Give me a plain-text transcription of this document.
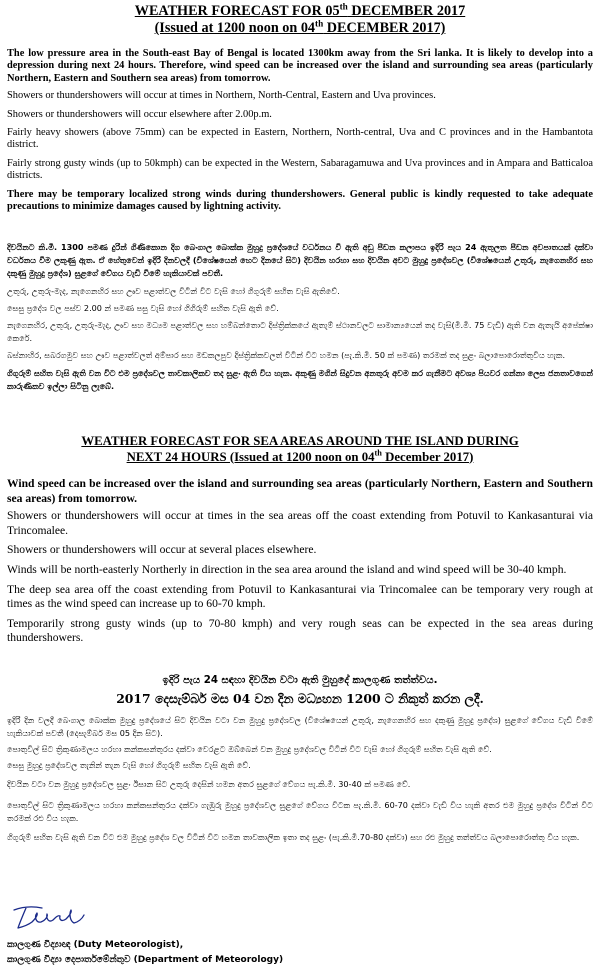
WEATHER FORECAST FOR 05th DECEMBER 2017

(Issued at 1200 noon on 04th DECEMBER 2017)

The low pressure area in the South-east Bay of Bengal is located 1300km away from the Sri lanka. It is likely to develop into a depression during next 24 hours. Therefore, wind speed can be increased over the island and surrounding sea areas (particularly Northern, Eastern and Southern sea areas) from tomorrow.

Showers or thundershowers will occur at times in Northern, North-Central, Eastern and Uva provinces.

Showers or thundershowers will occur elsewhere after 2.00p.m.

Fairly heavy showers (above 75mm) can be expected in Eastern, Northern, North-central, Uva and C provinces and in the Hambantota district.

Fairly strong gusty winds (up to 50kmph) can be expected in the Western, Sabaragamuwa and Uva provinces and in Ampara and Batticaloa districts.

There may be temporary localized strong winds during thundershowers. General public is kindly requested to take adequate precautions to minimize damages caused by lightning activity.

දිවයිනට කි.මී. 1300 පමණ දුරින් ගිණිකොන දිග බෙංගාල බොක්ක මුහුදු ප්‍රදේශයේ වර්ධනය වී ඇති අඩු පීඩන කලාපය ඉදිරි පැය 24 ඇතුලත පීඩන අවපාතයක් දක්වා වර්ධනය වීම ලකුණු ඇත. ඒ හේතුවෙන් ඉදිරි දිනවලදී (විශේෂයෙන් හෙට දිනයේ සිට) දිවයින හරහා සහ දිවයින අවට මුහුදු ප්‍රදේශවල (විශේෂයෙන් උතුරු, නැගෙනහිර සහ දකුණු මුහුදු ප්‍රදේශ) සුළගේ වේගය වැඩි වීමේ හැකියාවක් පවතී.

උතුරු, උතුරු-මැද, නැගෙනහිර සහ ඌව පළාත්වල විටින් විට වැසි හෝ ගිගුරුම් සහිත වැසි ඇතිවේ.

සෙසු ප්‍රදේශ වල පස්ව 2.00 න් පමණ පසු වැසි හෝ ගිගිරුම් සහිත වැසි ඇති වේ.

නැගෙනහිර, උතුරු, උතුරු-මැද, ඌව සහ මධ්‍යම පළාත්වල සහ හම්බන්තොට දිස්ත්‍රික්කයේ ඇතැම් ස්ථානවලට සාමාන්‍යයෙන් තද වැසි(මි.මී. 75 වැඩි) ඇති වන ඇතැයි අපේක්ෂා කෙරේ.

බස්නාහිර, සබරගමුව සහ ඌව පළාත්වලත් අම්පාර සහ මඩකලපුව දිස්ත්‍රික්කවලත් විටින් විට හමන (පැ.කි.මී. 50 ක් පමණ) තරමක් තද සුළං බලාපොරොත්තුවිය හැක.

ගිගුරුම් සහිත වැසි ඇති වන විට එම ප්‍රදේශවල තාවකාලිකව තද සුළං ඇති විය හැක. අකුණු මගින් සිදුවන අනතුරු අවම කර ගැනීමට අවශ්‍ය පියවර ගන්නා ලෙස ජනතාවගෙන් කාරුණිකව ඉල්ලා සිටිනු ලැබේ.

WEATHER FORECAST FOR SEA AREAS AROUND THE ISLAND DURING

NEXT 24 HOURS (Issued at 1200 noon on 04th December 2017)

Wind speed can be increased over the island and surrounding sea areas (particularly Northern, Eastern and Southern sea areas) from tomorrow.

Showers or thundershowers will occur at times in the sea areas off the coast extending from Potuvil to Kankasanturai via Trincomalee.

Showers or thundershowers will occur at several places elsewhere.

Winds will be north-easterly Northerly in direction in the sea area around the island and wind speed will be 30-40 kmph.

The deep sea area off the coast extending from Potuvil to Kankasanturai via Trincomalee can be temporary very rough at times as the wind speed can increase up to 60-70 kmph.

Temporarily strong gusty winds (up to 70-80 kmph) and very rough seas can be expected in the sea areas during thundershowers.

ඉදිරි පැය 24 සඳහා දිවයින වටා ඇති මුහුදේ කාලගුණ තත්ත්වය.

2017 දෙසැම්බර් මස 04 වන දින මධ්‍යහන 1200 ට නිකුත් කරන ලදී.

ඉදිරි දින වලදී බෙංගාල බොක්ක මුහුදු ප්‍රදේශයේ සිට දිවයින වටා වන මුහුදු ප්‍රදේශවල (විශේෂයෙන් උතුරු, නැගෙනහිර සහ දකුණු මුහුදු ප්‍රදේශ) සුළගේ වේගය වැඩි වීමේ හැකියාවක් පවතී (දෙසැම්බර් මස 05 දින සිට).

පොතුවිල් සිට ත්‍රිකුණාමලය හරහා කන්කසන්තුරය දක්වා වෙරළට ඔබ්බෙන් වන මුහුදු ප්‍රදේශවල විටින් විට වැසි හෝ ගිගුරුම් සහිත වැසි ඇති වේ.

සෙසු මුහුදු ප්‍රදේශවල තැනින් තැන වැසි හෝ ගිගුරුම් සහිත වැසි ඇති වේ.

දිවයින වටා වන මුහුදු ප්‍රදේශවල සුළං ඊසාන සිට උතුරු දෙසින් හමන අතර සුළගේ වේගය පැ.කි.මී. 30-40 ක් පමණ වේ.

පොතුවිල් සිට ත්‍රිකුණාමලය හරහා කන්කසන්තුරය දක්වා ගැඹුරු මුහුදු ප්‍රදේශවල සුළගේ වේගය විටක පැ.කි.මී. 60-70 දක්වා වැඩි විය හැකි අතර එම මුහුදු ප්‍රදේශ විටින් විට තරමක් රළු විය හැක.

ගිගුරුම් සහිත වැසි ඇති වන විට එම මුහුදු ප්‍රදේශ වල විටින් විට හමන තාවකාලික ඉතා තද සුළං (පැ.කි.මී.70-80 දක්වා) සහ රළු මුහුදු තත්ත්වය බලාපොරොත්තු විය හැක.

කාලගුණ විද්‍යාඥ (Duty Meteorologist),

කාලගුණ විද්‍යා දෙපාර්තමේන්තුව (Department of Meteorology)
